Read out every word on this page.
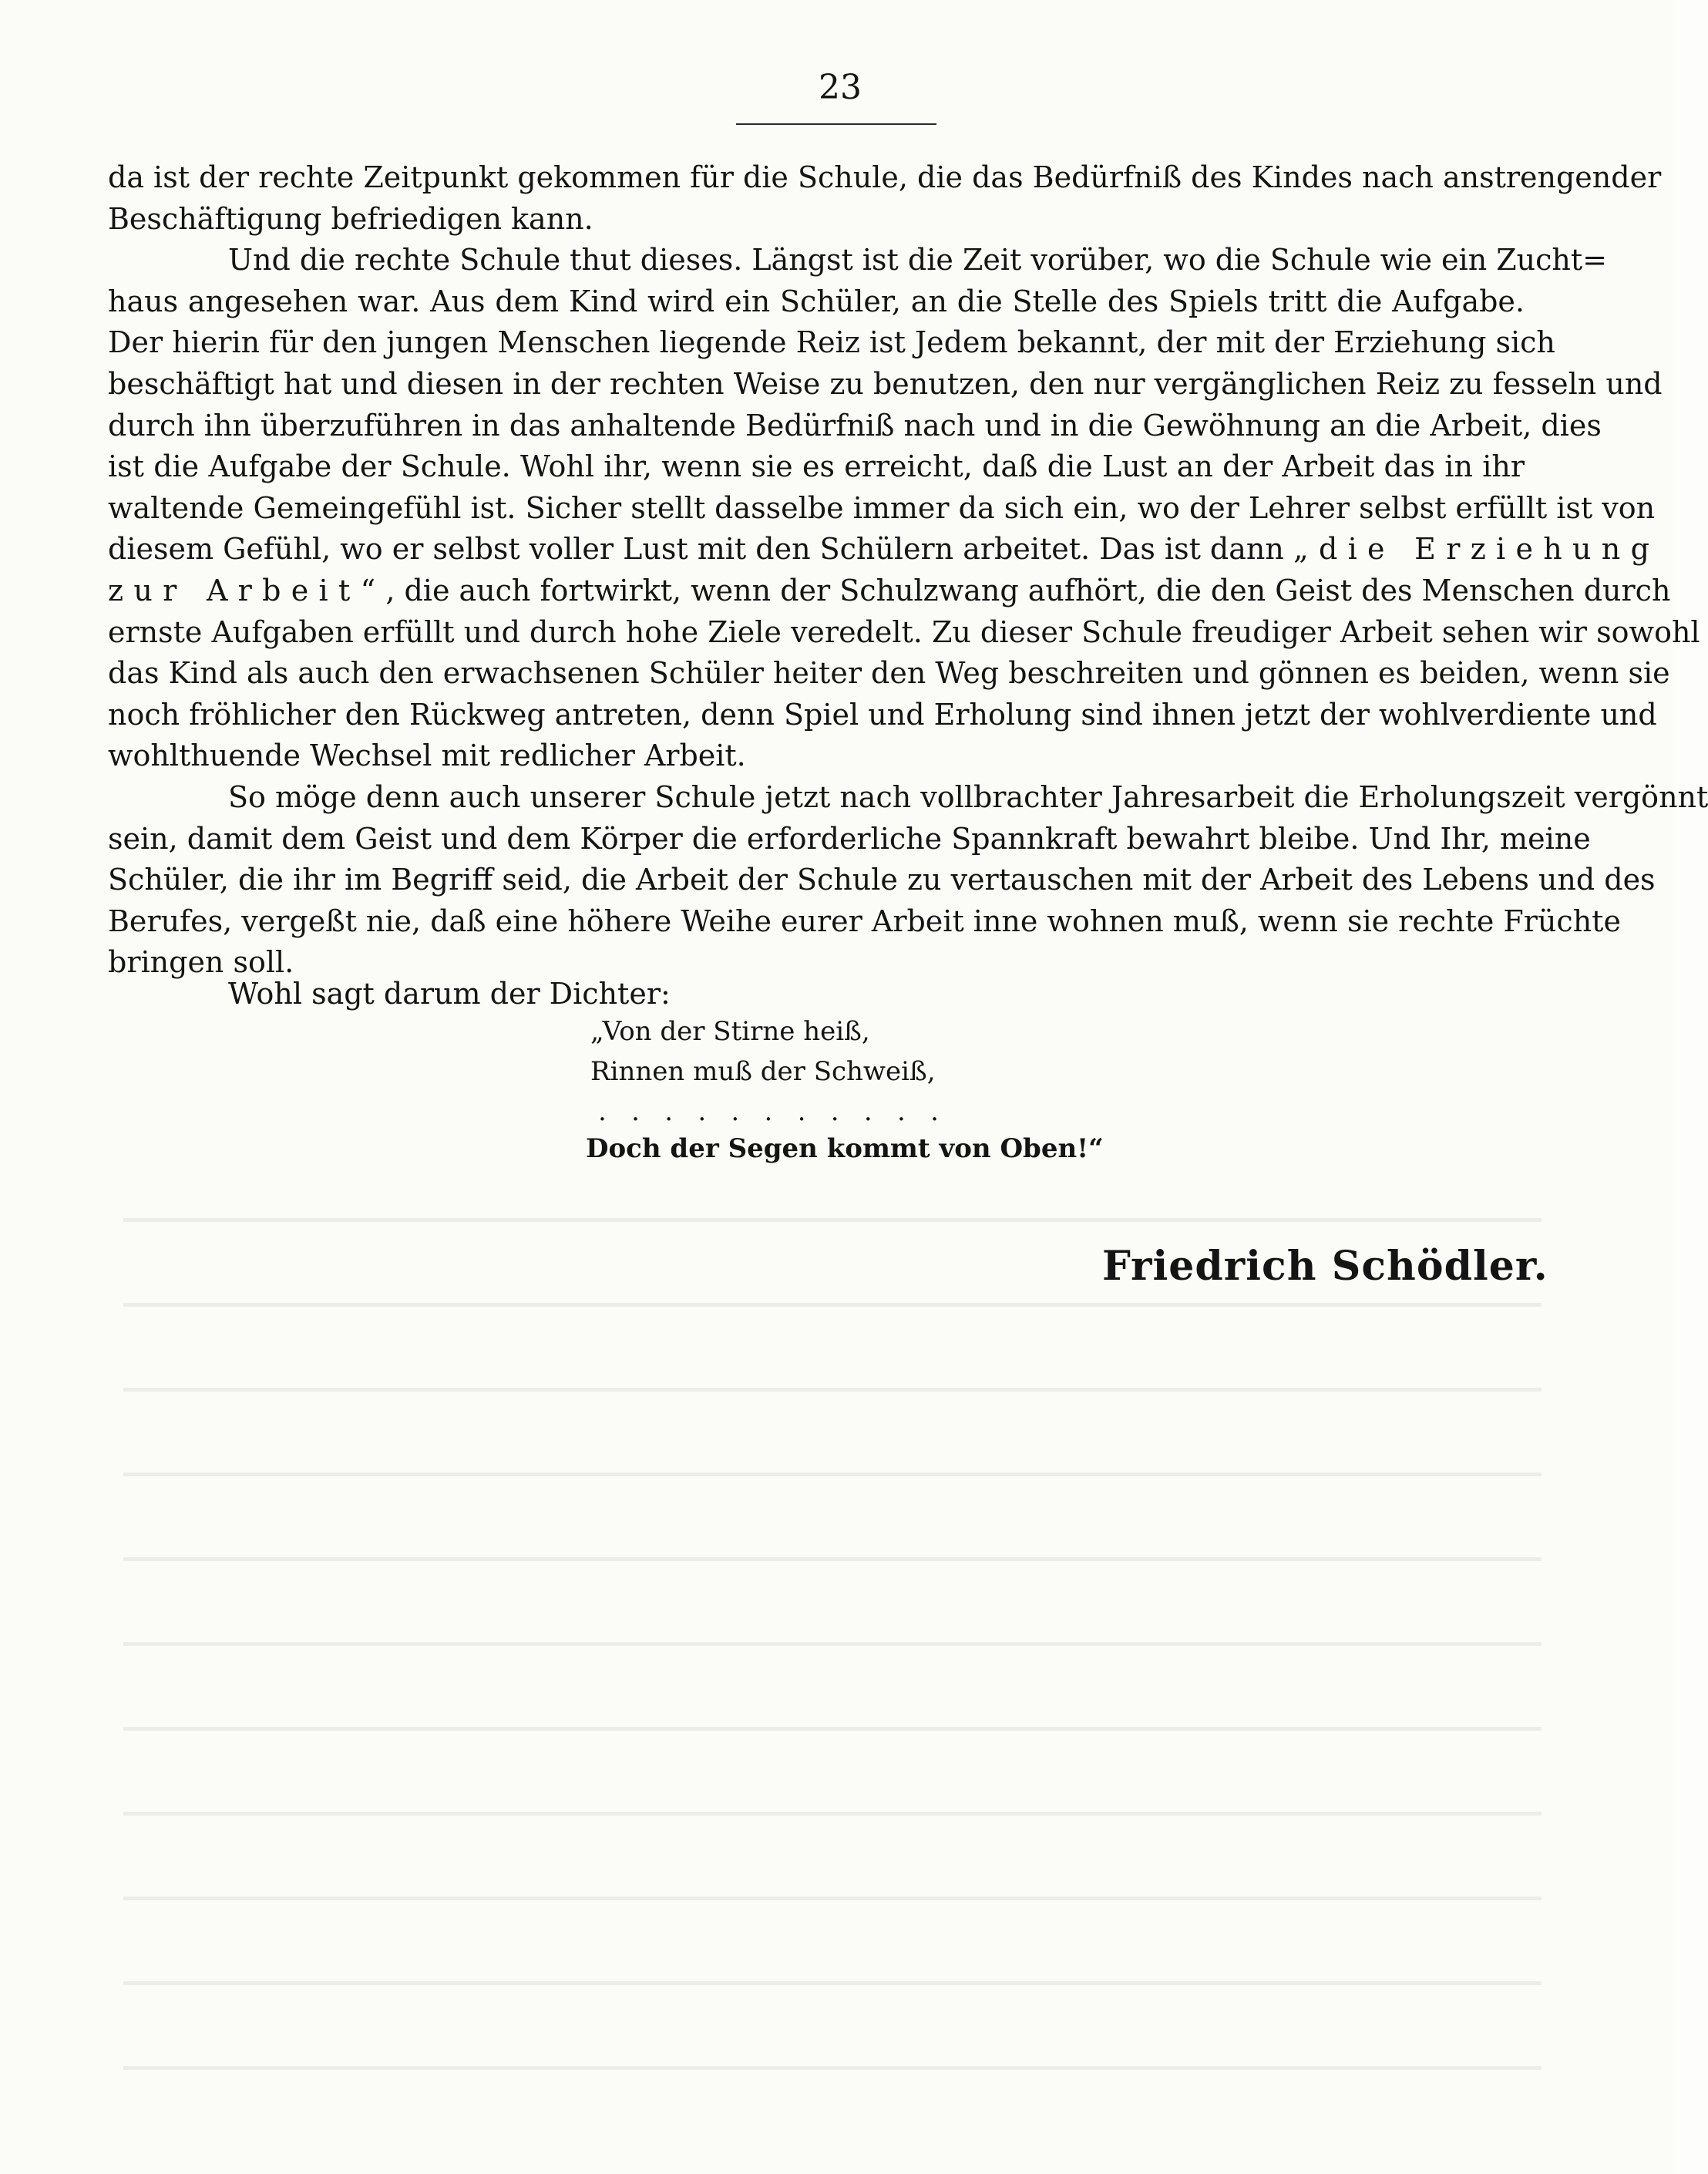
23
da ist der rechte Zeitpunkt gekommen für die Schule, die das Bedürfniß des Kindes nach anstrengender
Beschäftigung befriedigen kann.
Und die rechte Schule thut dieses. Längst ist die Zeit vorüber, wo die Schule wie ein Zucht=
haus angesehen war. Aus dem Kind wird ein Schüler, an die Stelle des Spiels tritt die Aufgabe.
Der hierin für den jungen Menschen liegende Reiz ist Jedem bekannt, der mit der Erziehung sich
beschäftigt hat und diesen in der rechten Weise zu benutzen, den nur vergänglichen Reiz zu fesseln und
durch ihn überzuführen in das anhaltende Bedürfniß nach und in die Gewöhnung an die Arbeit, dies
ist die Aufgabe der Schule. Wohl ihr, wenn sie es erreicht, daß die Lust an der Arbeit das in ihr
waltende Gemeingefühl ist. Sicher stellt dasselbe immer da sich ein, wo der Lehrer selbst erfüllt ist von
diesem Gefühl, wo er selbst voller Lust mit den Schülern arbeitet. Das ist dann „die Erziehung
zur Arbeit“, die auch fortwirkt, wenn der Schulzwang aufhört, die den Geist des Menschen durch
ernste Aufgaben erfüllt und durch hohe Ziele veredelt. Zu dieser Schule freudiger Arbeit sehen wir sowohl
das Kind als auch den erwachsenen Schüler heiter den Weg beschreiten und gönnen es beiden, wenn sie
noch fröhlicher den Rückweg antreten, denn Spiel und Erholung sind ihnen jetzt der wohlverdiente und
wohlthuende Wechsel mit redlicher Arbeit.
So möge denn auch unserer Schule jetzt nach vollbrachter Jahresarbeit die Erholungszeit vergönnt
sein, damit dem Geist und dem Körper die erforderliche Spannkraft bewahrt bleibe. Und Ihr, meine
Schüler, die ihr im Begriff seid, die Arbeit der Schule zu vertauschen mit der Arbeit des Lebens und des
Berufes, vergeßt nie, daß eine höhere Weihe eurer Arbeit inne wohnen muß, wenn sie rechte Früchte
bringen soll.
Wohl sagt darum der Dichter:
„Von der Stirne heiß,
Rinnen muß der Schweiß,
...........
Doch der Segen kommt von Oben!“
Friedrich Schödler.
